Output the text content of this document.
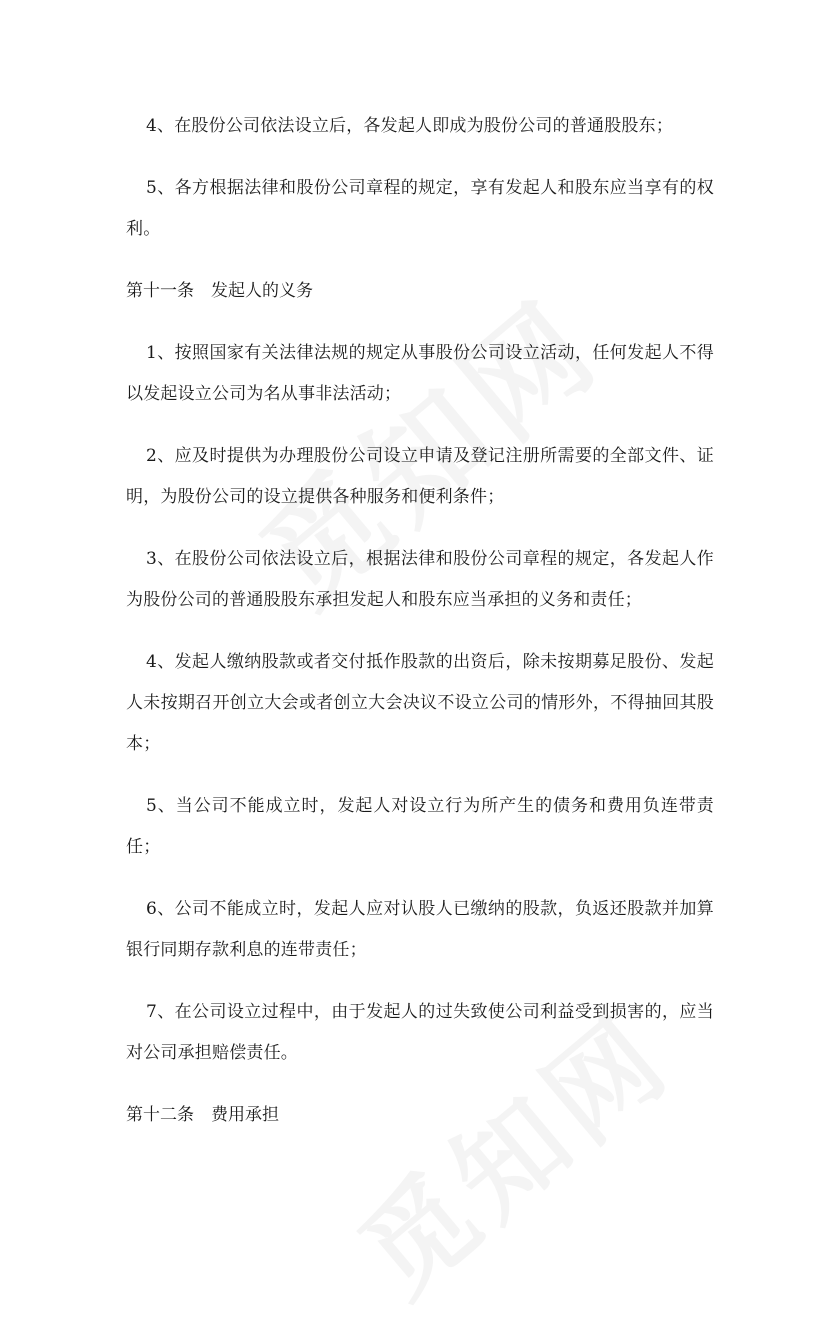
4、在股份公司依法设立后，各发起人即成为股份公司的普通股股东；

5、各方根据法律和股份公司章程的规定，享有发起人和股东应当享有的权利。

第十一条　发起人的义务

1、按照国家有关法律法规的规定从事股份公司设立活动，任何发起人不得以发起设立公司为名从事非法活动；

2、应及时提供为办理股份公司设立申请及登记注册所需要的全部文件、证明，为股份公司的设立提供各种服务和便利条件；

3、在股份公司依法设立后，根据法律和股份公司章程的规定，各发起人作为股份公司的普通股股东承担发起人和股东应当承担的义务和责任；

4、发起人缴纳股款或者交付抵作股款的出资后，除未按期募足股份、发起人未按期召开创立大会或者创立大会决议不设立公司的情形外，不得抽回其股本；

5、当公司不能成立时，发起人对设立行为所产生的债务和费用负连带责任；

6、公司不能成立时，发起人应对认股人已缴纳的股款，负返还股款并加算银行同期存款利息的连带责任；

7、在公司设立过程中，由于发起人的过失致使公司利益受到损害的，应当对公司承担赔偿责任。

第十二条　费用承担
